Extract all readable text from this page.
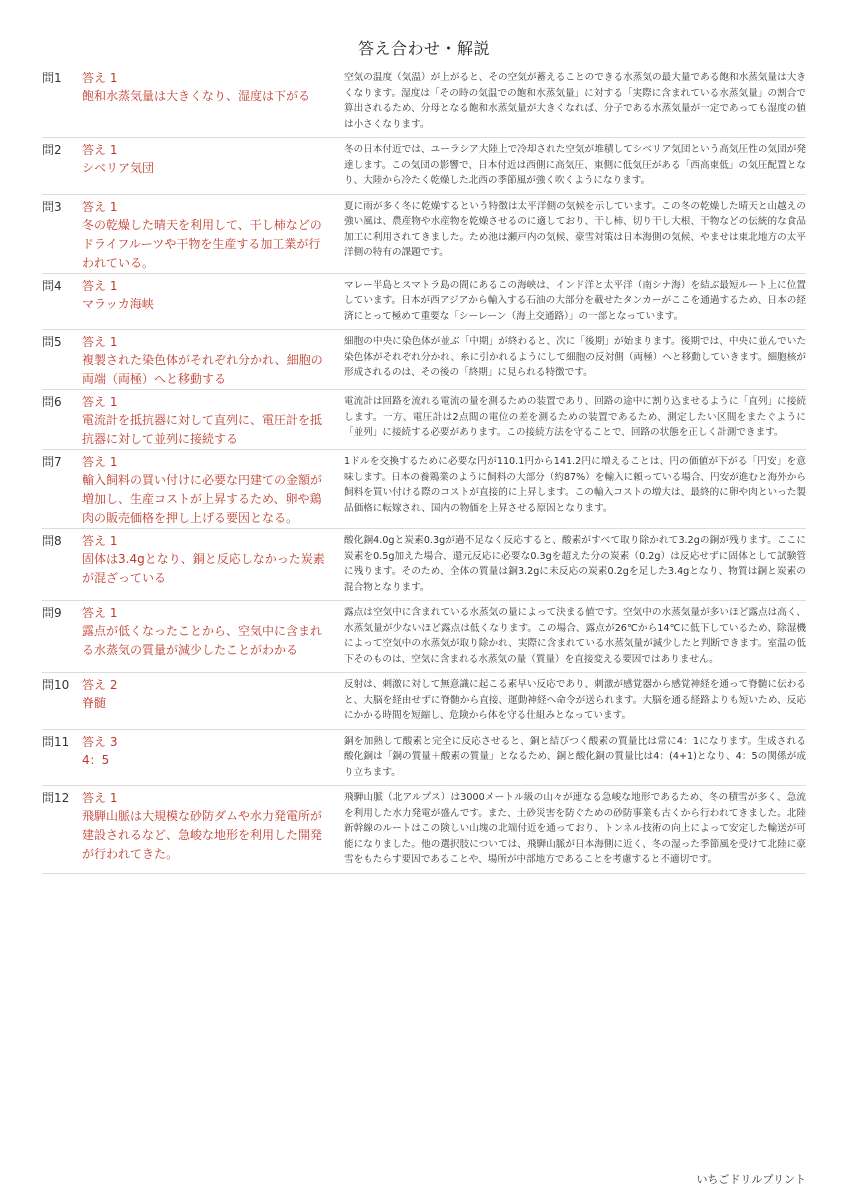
答え合わせ・解説
問1	答え 1
飽和水蒸気量は大きくなり、湿度は下がる
空気の温度（気温）が上がると、その空気が蓄えることのできる水蒸気の最大量である飽和水蒸気量は大きくなります。湿度は「その時の気温での飽和水蒸気量」に対する「実際に含まれている水蒸気量」の割合で算出されるため、分母となる飽和水蒸気量が大きくなれば、分子である水蒸気量が一定であっても湿度の値は小さくなります。
問2	答え 1
シベリア気団
冬の日本付近では、ユーラシア大陸上で冷却された空気が堆積してシベリア気団という高気圧性の気団が発達します。この気団の影響で、日本付近は西側に高気圧、東側に低気圧がある「西高東低」の気圧配置となり、大陸から冷たく乾燥した北西の季節風が強く吹くようになります。
問3	答え 1
冬の乾燥した晴天を利用して、干し柿などのドライフルーツや干物を生産する加工業が行われている。
夏に雨が多く冬に乾燥するという特徴は太平洋側の気候を示しています。この冬の乾燥した晴天と山越えの強い風は、農産物や水産物を乾燥させるのに適しており、干し柿、切り干し大根、干物などの伝統的な食品加工に利用されてきました。ため池は瀬戸内の気候、豪雪対策は日本海側の気候、やませは東北地方の太平洋側の特有の課題です。
問4	答え 1
マラッカ海峡
マレー半島とスマトラ島の間にあるこの海峡は、インド洋と太平洋（南シナ海）を結ぶ最短ルート上に位置しています。日本が西アジアから輸入する石油の大部分を載せたタンカーがここを通過するため、日本の経済にとって極めて重要な「シーレーン（海上交通路）」の一部となっています。
問5	答え 1
複製された染色体がそれぞれ分かれ、細胞の両端（両極）へと移動する
細胞の中央に染色体が並ぶ「中期」が終わると、次に「後期」が始まります。後期では、中央に並んでいた染色体がそれぞれ分かれ、糸に引かれるようにして細胞の反対側（両極）へと移動していきます。細胞核が形成されるのは、その後の「終期」に見られる特徴です。
問6	答え 1
電流計を抵抗器に対して直列に、電圧計を抵抗器に対して並列に接続する
電流計は回路を流れる電流の量を測るための装置であり、回路の途中に割り込ませるように「直列」に接続します。一方、電圧計は2点間の電位の差を測るための装置であるため、測定したい区間をまたぐように「並列」に接続する必要があります。この接続方法を守ることで、回路の状態を正しく計測できます。
問7	答え 1
輸入飼料の買い付けに必要な円建ての金額が増加し、生産コストが上昇するため、卵や鶏肉の販売価格を押し上げる要因となる。
1ドルを交換するために必要な円が110.1円から141.2円に増えることは、円の価値が下がる「円安」を意味します。日本の養鶏業のように飼料の大部分（約87%）を輸入に頼っている場合、円安が進むと海外から飼料を買い付ける際のコストが直接的に上昇します。この輸入コストの増大は、最終的に卵や肉といった製品価格に転嫁され、国内の物価を上昇させる原因となります。
問8	答え 1
固体は3.4gとなり、銅と反応しなかった炭素が混ざっている
酸化銅4.0gと炭素0.3gが過不足なく反応すると、酸素がすべて取り除かれて3.2gの銅が残ります。ここに炭素を0.5g加えた場合、還元反応に必要な0.3gを超えた分の炭素（0.2g）は反応せずに固体として試験管に残ります。そのため、全体の質量は銅3.2gに未反応の炭素0.2gを足した3.4gとなり、物質は銅と炭素の混合物となります。
問9	答え 1
露点が低くなったことから、空気中に含まれる水蒸気の質量が減少したことがわかる
露点は空気中に含まれている水蒸気の量によって決まる値です。空気中の水蒸気量が多いほど露点は高く、水蒸気量が少ないほど露点は低くなります。この場合、露点が26℃から14℃に低下しているため、除湿機によって空気中の水蒸気が取り除かれ、実際に含まれている水蒸気量が減少したと判断できます。室温の低下そのものは、空気に含まれる水蒸気の量（質量）を直接変える要因ではありません。
問10	答え 2
脊髄
反射は、刺激に対して無意識に起こる素早い反応であり、刺激が感覚器から感覚神経を通って脊髄に伝わると、大脳を経由せずに脊髄から直接、運動神経へ命令が送られます。大脳を通る経路よりも短いため、反応にかかる時間を短縮し、危険から体を守る仕組みとなっています。
問11	答え 3
4：5
銅を加熱して酸素と完全に反応させると、銅と結びつく酸素の質量比は常に4：1になります。生成される酸化銅は「銅の質量＋酸素の質量」となるため、銅と酸化銅の質量比は4：(4+1)となり、4：5の関係が成り立ちます。
問12	答え 1
飛騨山脈は大規模な砂防ダムや水力発電所が建設されるなど、急峻な地形を利用した開発が行われてきた。
飛騨山脈（北アルプス）は3000メートル級の山々が連なる急峻な地形であるため、冬の積雪が多く、急流を利用した水力発電が盛んです。また、土砂災害を防ぐための砂防事業も古くから行われてきました。北陸新幹線のルートはこの険しい山塊の北端付近を通っており、トンネル技術の向上によって安定した輸送が可能になりました。他の選択肢については、飛騨山脈が日本海側に近く、冬の湿った季節風を受けて北陸に豪雪をもたらす要因であることや、場所が中部地方であることを考慮すると不適切です。
いちごドリルプリント
